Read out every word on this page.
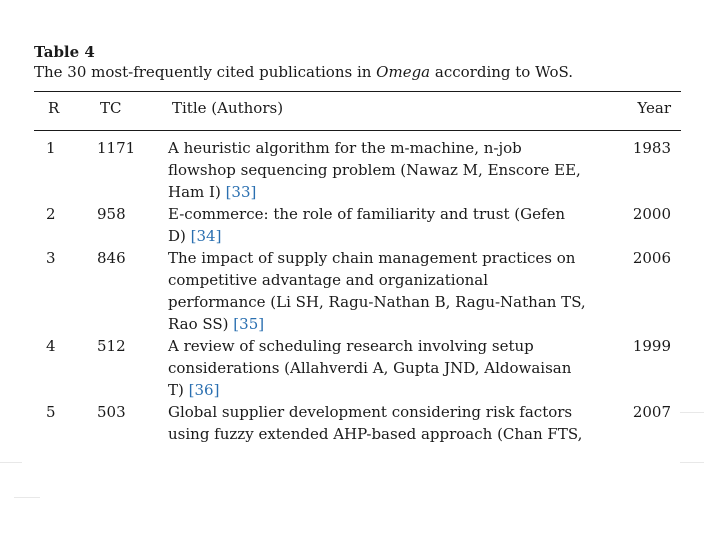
Table 4
The 30 most-frequently cited publications in Omega according to WoS.
R	TC	Title (Authors)	Year
1	1171 A heuristic algorithm for the m-machine, n-job
flowshop sequencing problem (Nawaz M, Enscore EE,
Ham I) [33]
1983
2	958	E-commerce: the role of familiarity and trust (Gefen
D) [34]
2000
3	846	The impact of supply chain management practices on
competitive advantage and organizational
performance (Li SH, Ragu-Nathan B, Ragu-Nathan TS,
Rao SS) [35]
2006
4	512	A review of scheduling research involving setup
considerations (Allahverdi A, Gupta JND, Aldowaisan
T) [36]
1999
5	503	Global supplier development considering risk factors
using fuzzy extended AHP-based approach (Chan FTS,
2007
